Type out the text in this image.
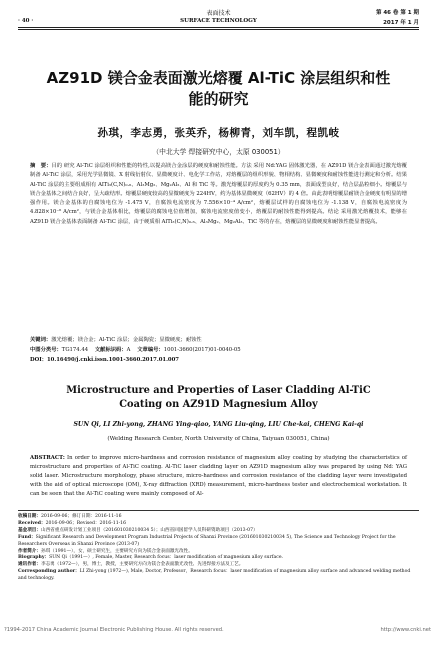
· 40 ·
表面技术
SURFACE TECHNOLOGY
第 46 卷 第 1 期
2017 年 1 月
AZ91D 镁合金表面激光熔覆 Al-TiC 涂层组织和性能的研究
孙琪，李志勇，张英乔，杨柳青，刘车凯，程凯岐
（中北大学 焊接研究中心，太原 030051）
摘　要：目的 研究 Al-TiC 涂层组织和性能的特性,以提高镁合金涂层的硬度和耐蚀性能。方法 采用 Nd:YAG 固体激光器，在 AZ91D 镁合金表面通过激光熔覆制备 Al-TiC 涂层，采用光学显微镜、X 射线衍射仪、显微硬度计、电化学工作站，对熔覆层的组织形貌、物相结构、显微硬度和耐蚀性能进行测定和分析。结果 Al-TiC 涂层的主要组成相有 AlTi₃(C,N)₀.₆、Al₃Mg₂、Mg₂Al₃、Al 和 TiC 等。激光熔覆层的厚度约为 0.35 mm，表面成型良好，结合层晶粒细小。熔覆层与镁合金基体之间结合良好，呈大疏结形。熔覆层硬度较高的显微硬度为 224HV，约为基体显微硬度（62HV）的 4 倍。由此表明熔覆层耐镁合金硬度有明显的增强作用。镁合金基体的自腐蚀电位为 -1.475 V，自腐蚀电流密度为 7.556×10⁻⁴ A/cm²，熔覆层试样的自腐蚀电位为 -1.138 V，自腐蚀电流密度为 4.828×10⁻⁶ A/cm²，与镁合金基体相比，熔覆层的腐蚀电位值增加，腐蚀电流密度值变小，熔覆层的耐蚀性能得到提高。结论 采用激光熔覆技术，能够在 AZ91D 镁合金基体表面制备 Al-TiC 涂层，由于硬质相 AlTi₃(C,N)₀.₆、Al₃Mg₂、Mg₂Al₃、TiC 等的存在，熔覆层的显微硬度和耐蚀性能显著提高。
关键词：激光熔覆；镁合金；Al-TiC 涂层；金属陶瓷；显微硬度；耐蚀性
中图分类号：TG174.44 文献标识码：A 文章编号：1001-3660(2017)01-0040-05
DOI：10.16490/j.cnki.issn.1001-3660.2017.01.007
Microstructure and Properties of Laser Cladding Al-TiC Coating on AZ91D Magnesium Alloy
SUN Qi, LI Zhi-yong, ZHANG Ying-qiao, YANG Liu-qing, LIU Che-kai, CHENG Kai-qi
(Welding Research Center, North University of China, Taiyuan 030051, China)
ABSTRACT: In order to improve micro-hardness and corrosion resistance of magnesium alloy coating by studying the characteristics of microstructure and properties of Al-TiC coating. Al-TiC laser cladding layer on AZ91D magnesium alloy was prepared by using Nd: YAG solid laser. Microstructure morphology, phase structure, micro-hardness and corrosion resistance of the cladding layer were investigated with the aid of optical microscope (OM), X-ray diffraction (XRD) measurement, micro-hardness tester and electrochemical workstation. It can be seen that the Al-TiC coating were mainly composed of Al-
收稿日期：2016-09-06；修订日期：2016-11-16
Received：2016-09-06；Revised：2016-11-16
基金项目：山西省重点研发计划工业项目（201601030210034 5）；山西省回国留学人员科研资助项目（2013-07）
Fund：Significant Research and Development Program Industrial Projects of Shanxi Province (201601030210034 5), The Science and Technology Project for the Researchers Overseas in Shanxi Province (2013-07)
作者简介：孙琪（1991—），女，硕士研究生，主要研究方向为镁合金表面激光改性。
Biography：SUN Qi（1991—）, Female, Master, Research focus：laser modification of magnesium alloy surface.
通讯作者：李志勇（1972—），男，博士，教授，主要研究方向为镁合金表面激光改性、先进焊接方法及工艺。
Corresponding author：LI Zhi-yong (1972—), Male, Doctor, Professor，Research focus：laser modification of magnesium alloy surface and advanced welding method and technology.
?1994-2017 China Academic Journal Electronic Publishing House. All rights reserved.	http://www.cnki.net
